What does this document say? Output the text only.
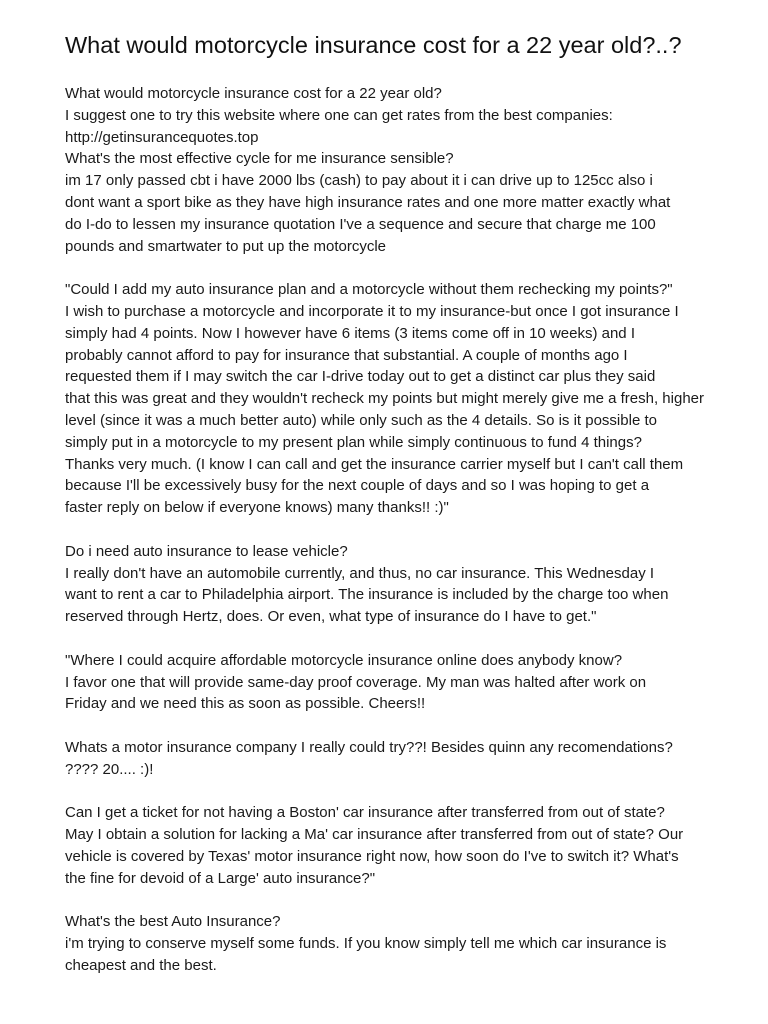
What would motorcycle insurance cost for a 22 year old?..?

What would motorcycle insurance cost for a 22 year old?
I suggest one to try this website where one can get rates from the best companies:
http://getinsurancequotes.top
What's the most effective cycle for me insurance sensible?
im 17 only passed cbt i have 2000 lbs (cash) to pay about it i can drive up to 125cc also i
dont want a sport bike as they have high insurance rates and one more matter exactly what
do I-do to lessen my insurance quotation I've a sequence and secure that charge me 100
pounds and smartwater to put up the motorcycle

"Could I add my auto insurance plan and a motorcycle without them rechecking my points?"
I wish to purchase a motorcycle and incorporate it to my insurance-but once I got insurance I
simply had 4 points. Now I however have 6 items (3 items come off in 10 weeks) and I
probably cannot afford to pay for insurance that substantial. A couple of months ago I
requested them if I may switch the car I-drive today out to get a distinct car plus they said
that this was great and they wouldn't recheck my points but might merely give me a fresh, higher
level (since it was a much better auto) while only such as the 4 details. So is it possible to
simply put in a motorcycle to my present plan while simply continuous to fund 4 things?
Thanks very much. (I know I can call and get the insurance carrier myself but I can't call them
because I'll be excessively busy for the next couple of days and so I was hoping to get a
faster reply on below if everyone knows) many thanks!! :)"

Do i need auto insurance to lease vehicle?
I really don't have an automobile currently, and thus, no car insurance. This Wednesday I
want to rent a car to Philadelphia airport. The insurance is included by the charge too when
reserved through Hertz, does. Or even, what type of insurance do I have to get."

"Where I could acquire affordable motorcycle insurance online does anybody know?
I favor one that will provide same-day proof coverage. My man was halted after work on
Friday and we need this as soon as possible. Cheers!!

Whats a motor insurance company I really could try??! Besides quinn any recomendations?
???? 20.... :)!

Can I get a ticket for not having a Boston' car insurance after transferred from out of state?
May I obtain a solution for lacking a Ma' car insurance after transferred from out of state? Our
vehicle is covered by Texas' motor insurance right now, how soon do I've to switch it? What's
the fine for devoid of a Large' auto insurance?"

What's the best Auto Insurance?
i'm trying to conserve myself some funds. If you know simply tell me which car insurance is
cheapest and the best.
